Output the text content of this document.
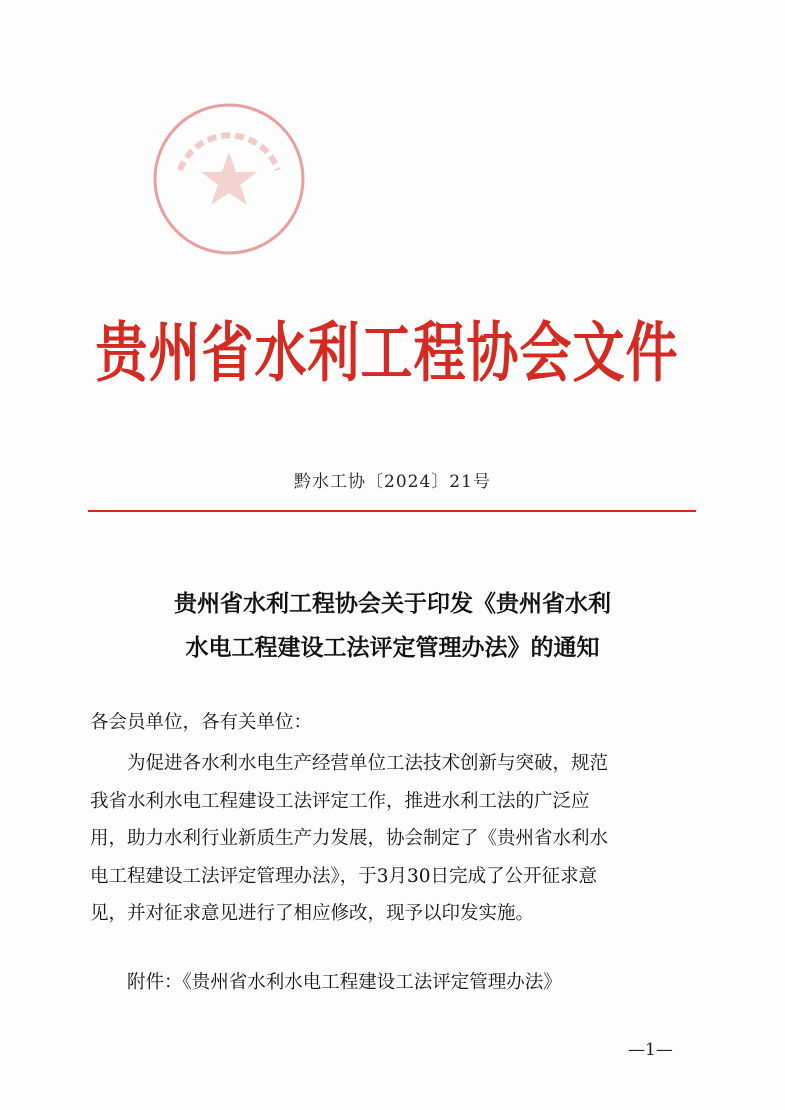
贵州省水利工程协会文件
黔水工协〔2024〕21号
贵州省水利工程协会关于印发《贵州省水利
水电工程建设工法评定管理办法》的通知
各会员单位，各有关单位：
为促进各水利水电生产经营单位工法技术创新与突破，规范
我省水利水电工程建设工法评定工作，推进水利工法的广泛应
用，助力水利行业新质生产力发展，协会制定了《贵州省水利水
电工程建设工法评定管理办法》，于3月30日完成了公开征求意
见，并对征求意见进行了相应修改，现予以印发实施。
附件：《贵州省水利水电工程建设工法评定管理办法》
—1—
